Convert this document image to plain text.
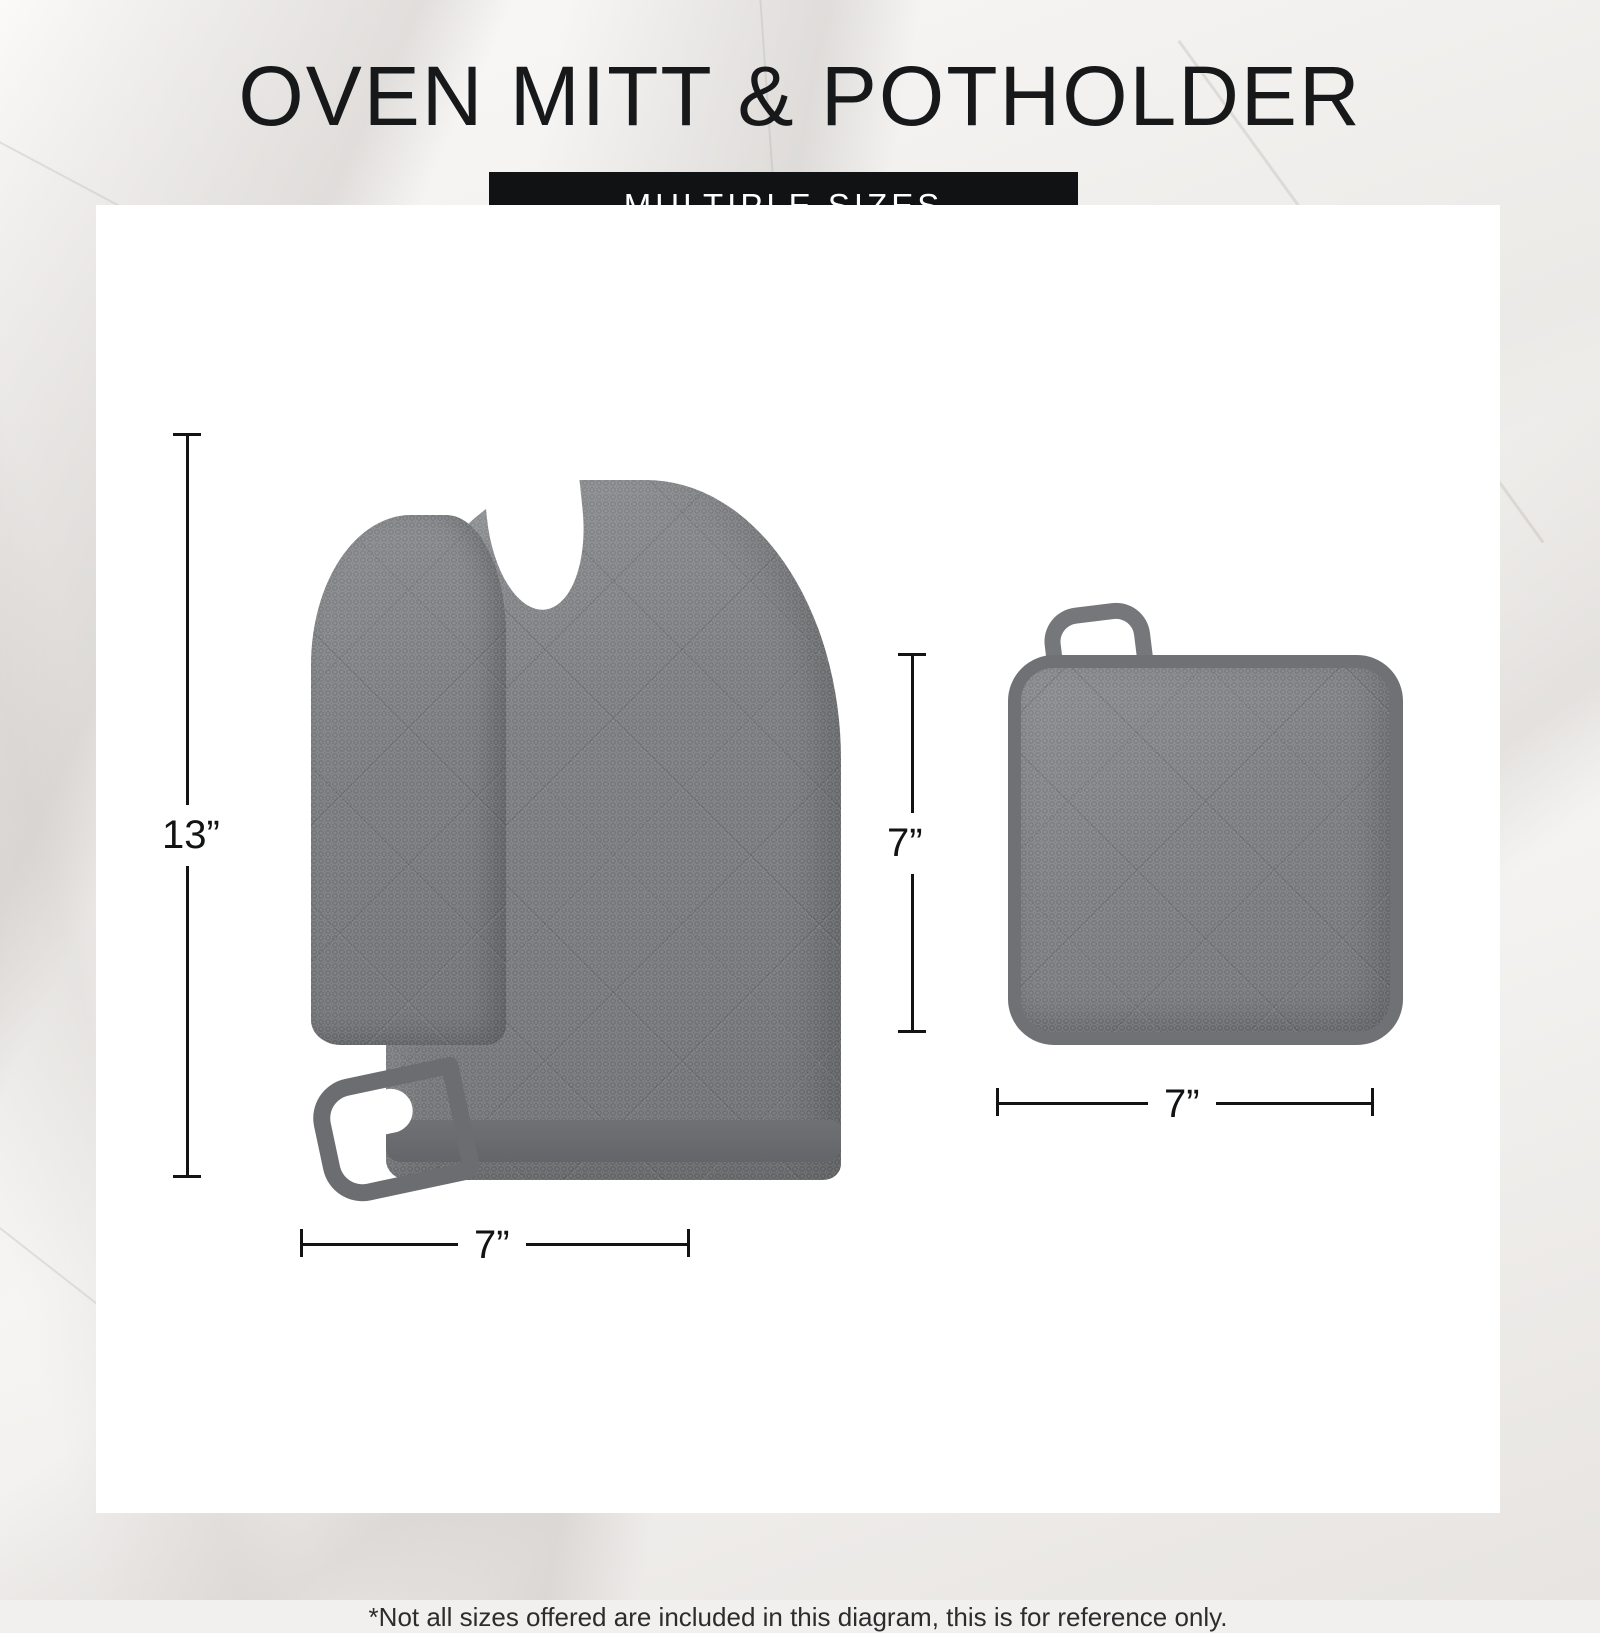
OVEN MITT & POTHOLDER
13”
7”
7”
7”
*Not all sizes offered are included in this diagram, this is for reference only.
